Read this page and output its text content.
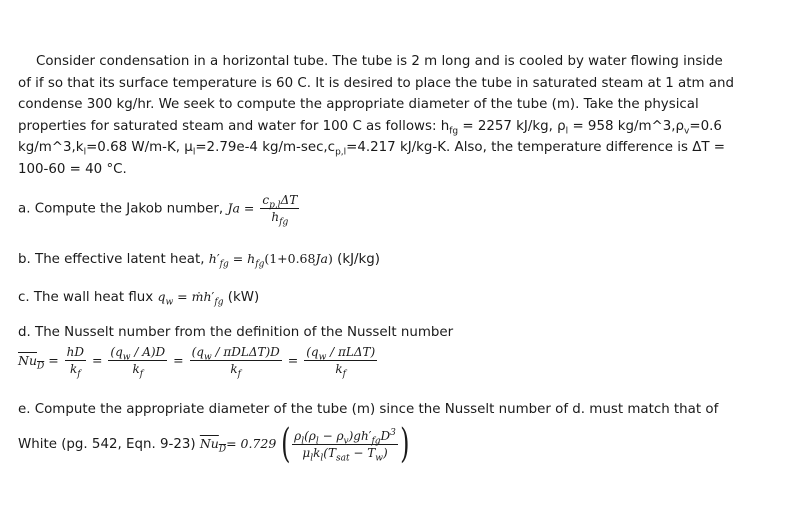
Consider condensation in a horizontal tube. The tube is 2 m long and is cooled by water flowing inside
of if so that its surface temperature is 60 C. It is desired to place the tube in saturated steam at 1 atm and
condense 300 kg/hr. We seek to compute the appropriate diameter of the tube (m). Take the physical
properties for saturated steam and water for 100 C as follows: $h_{fg} = 2257$ kJ/kg, $\rho_l = 958$ $kg/m\^{}3,\rho_v=0.6$
$kg/m\^{}3,k_l=0.68$ W/m-K, $\mu_l=2.79e-4$ $kg/m-\sec,c_{p,l}=4.217$ kJ/kg-K. Also, the temperature difference is ΔT =
100-60 = 40 °C.
a. Compute the Jakob number, $Ja = \frac{c_{p,l}\Delta T}{h_{fg}}$
b. The effective latent heat, $h'_{fg} = h_{fg}(1+0.68Ja)$ (kJ/kg)
c. The wall heat flux $q_w$ = $ṁh'_{fg}$ (kW)
d. The Nusselt number from the definition of the Nusselt number
$Nu_D = \frac{hD}{k_f} = \frac{(q_w / A)D}{k_f} = \frac{(q_w / \pi DL\Delta T)D}{k_f} = \frac{(q_w / \pi L\Delta T)}{k_f}$
e. Compute the appropriate diameter of the tube (m) since the Nusselt number of d. must match that of
White (pg. 542, Eqn. 9-23) $Nu_D= 0.729$ ( $\frac{\rho_l(\rho_l - \rho_v)gh'_{fg}D^3}{\mu_lk_l(T_{sat} - T_w)}$ )
